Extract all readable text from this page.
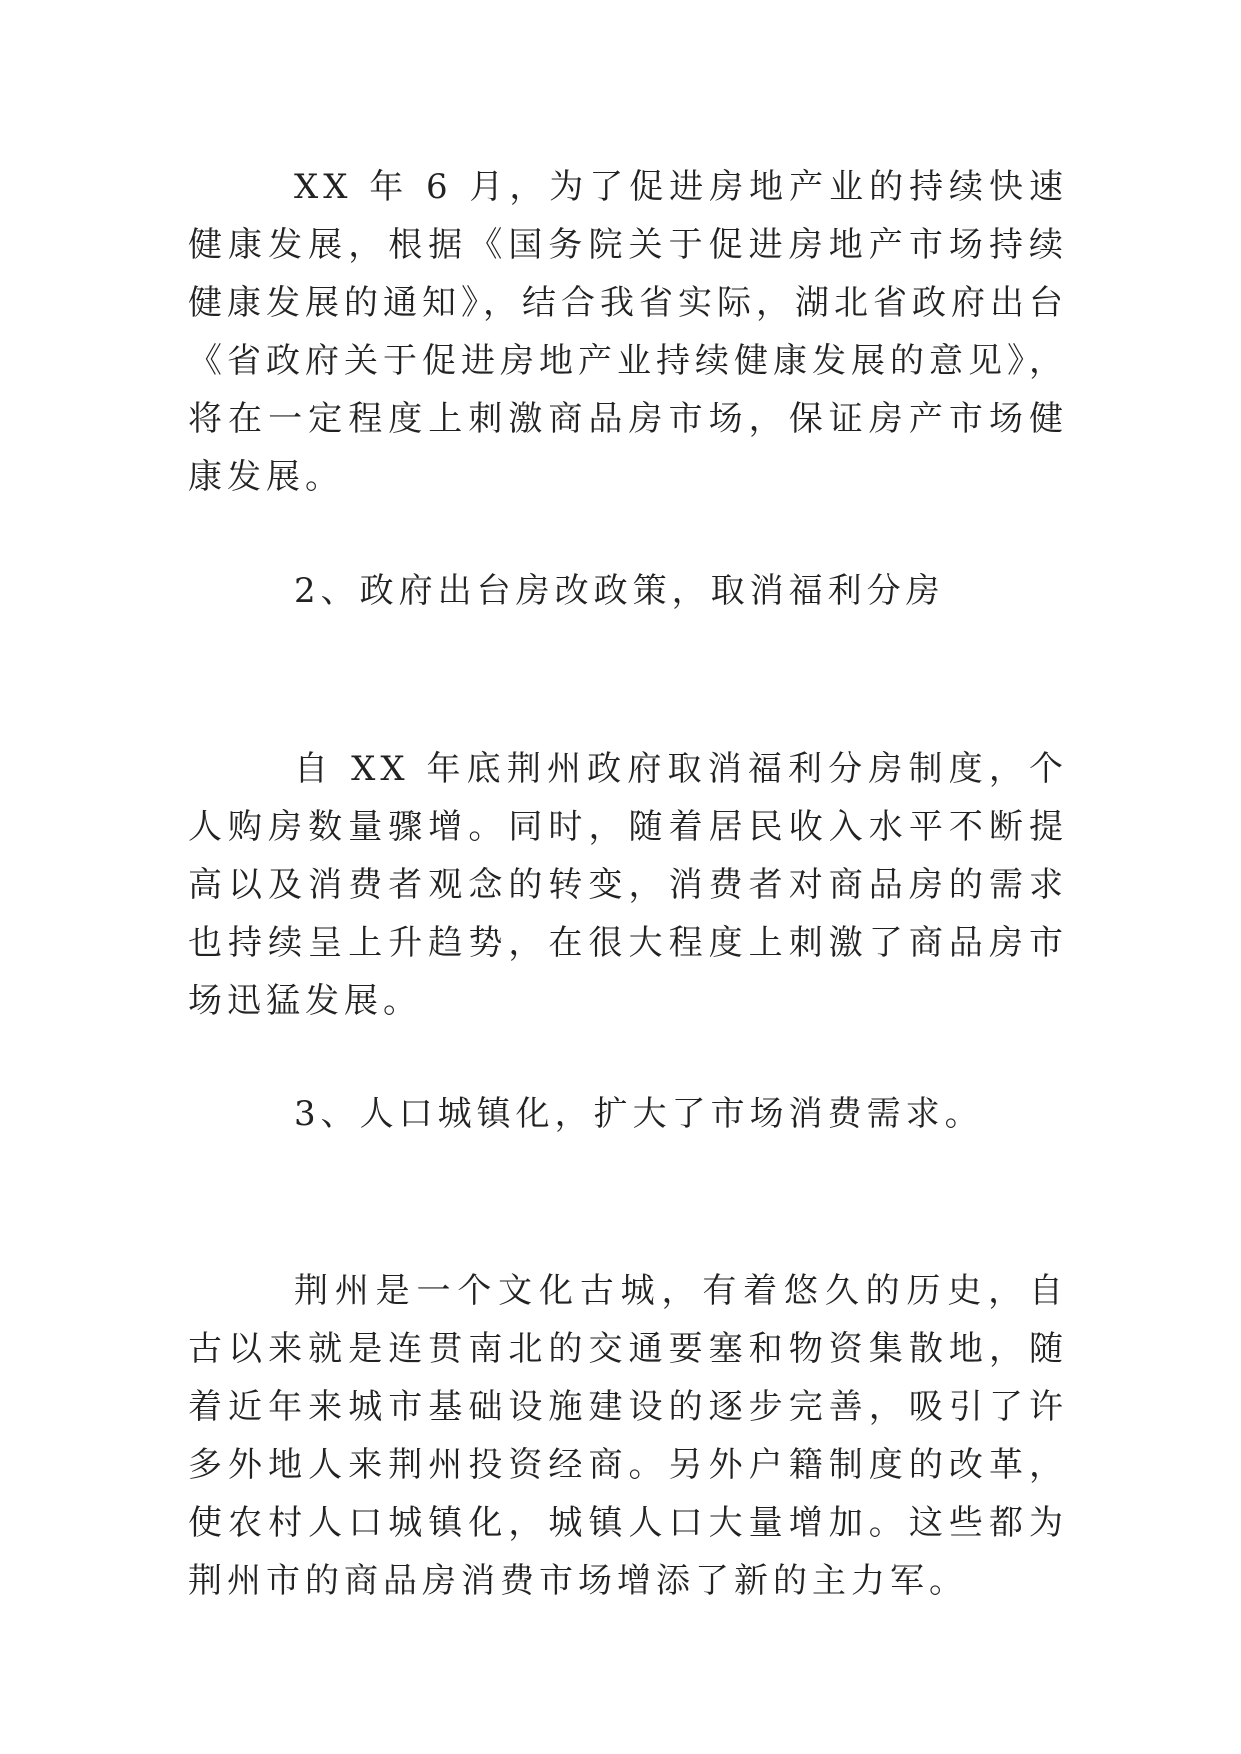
XX 年 6 月，为了促进房地产业的持续快速健康发展，根据《国务院关于促进房地产市场持续健康发展的通知》，结合我省实际，湖北省政府出台《省政府关于促进房地产业持续健康发展的意见》，将在一定程度上刺激商品房市场，保证房产市场健康发展。

2、政府出台房改政策，取消福利分房

自 XX 年底荆州政府取消福利分房制度，个人购房数量骤增。同时，随着居民收入水平不断提高以及消费者观念的转变，消费者对商品房的需求也持续呈上升趋势，在很大程度上刺激了商品房市场迅猛发展。

3、人口城镇化，扩大了市场消费需求。

荆州是一个文化古城，有着悠久的历史，自古以来就是连贯南北的交通要塞和物资集散地，随着近年来城市基础设施建设的逐步完善，吸引了许多外地人来荆州投资经商。另外户籍制度的改革，使农村人口城镇化，城镇人口大量增加。这些都为荆州市的商品房消费市场增添了新的主力军。
